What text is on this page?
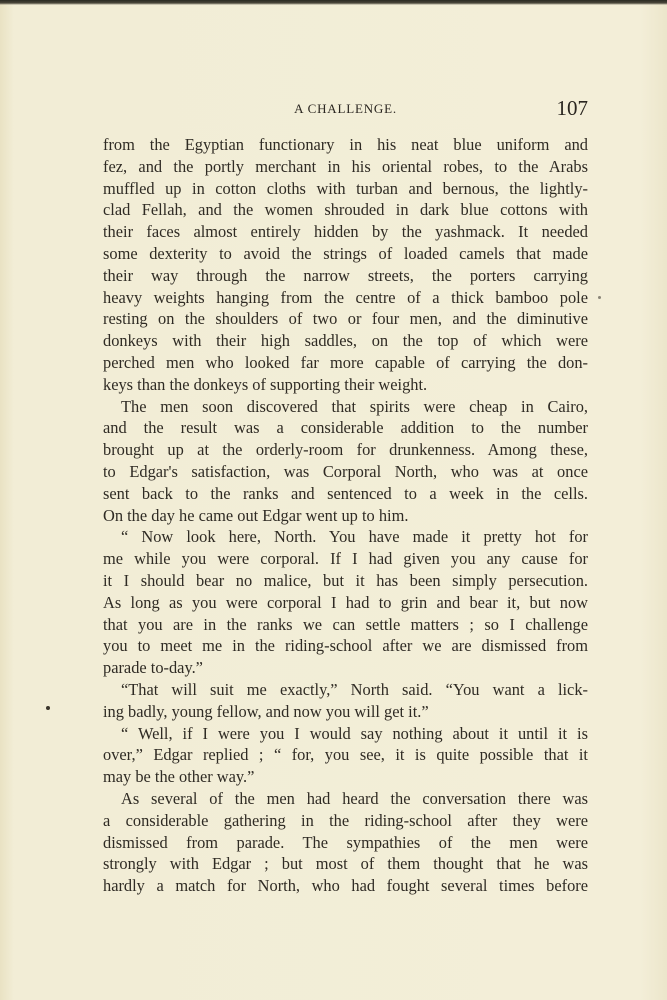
A CHALLENGE.	107
from the Egyptian functionary in his neat blue uniform and
fez, and the portly merchant in his oriental robes, to the Arabs
muffled up in cotton cloths with turban and bernous, the lightly-
clad Fellah, and the women shrouded in dark blue cottons with
their faces almost entirely hidden by the yashmack. It needed
some dexterity to avoid the strings of loaded camels that made
their way through the narrow streets, the porters carrying
heavy weights hanging from the centre of a thick bamboo pole
resting on the shoulders of two or four men, and the diminutive
donkeys with their high saddles, on the top of which were
perched men who looked far more capable of carrying the don-
keys than the donkeys of supporting their weight.
The men soon discovered that spirits were cheap in Cairo,
and the result was a considerable addition to the number
brought up at the orderly-room for drunkenness. Among these,
to Edgar's satisfaction, was Corporal North, who was at once
sent back to the ranks and sentenced to a week in the cells.
On the day he came out Edgar went up to him.
“ Now look here, North. You have made it pretty hot for
me while you were corporal. If I had given you any cause for
it I should bear no malice, but it has been simply persecution.
As long as you were corporal I had to grin and bear it, but now
that you are in the ranks we can settle matters ; so I challenge
you to meet me in the riding-school after we are dismissed from
parade to-day.”
“That will suit me exactly,” North said. “You want a lick-
ing badly, young fellow, and now you will get it.”
“ Well, if I were you I would say nothing about it until it is
over,” Edgar replied ; “ for, you see, it is quite possible that it
may be the other way.”
As several of the men had heard the conversation there was
a considerable gathering in the riding-school after they were
dismissed from parade. The sympathies of the men were
strongly with Edgar ; but most of them thought that he was
hardly a match for North, who had fought several times before
